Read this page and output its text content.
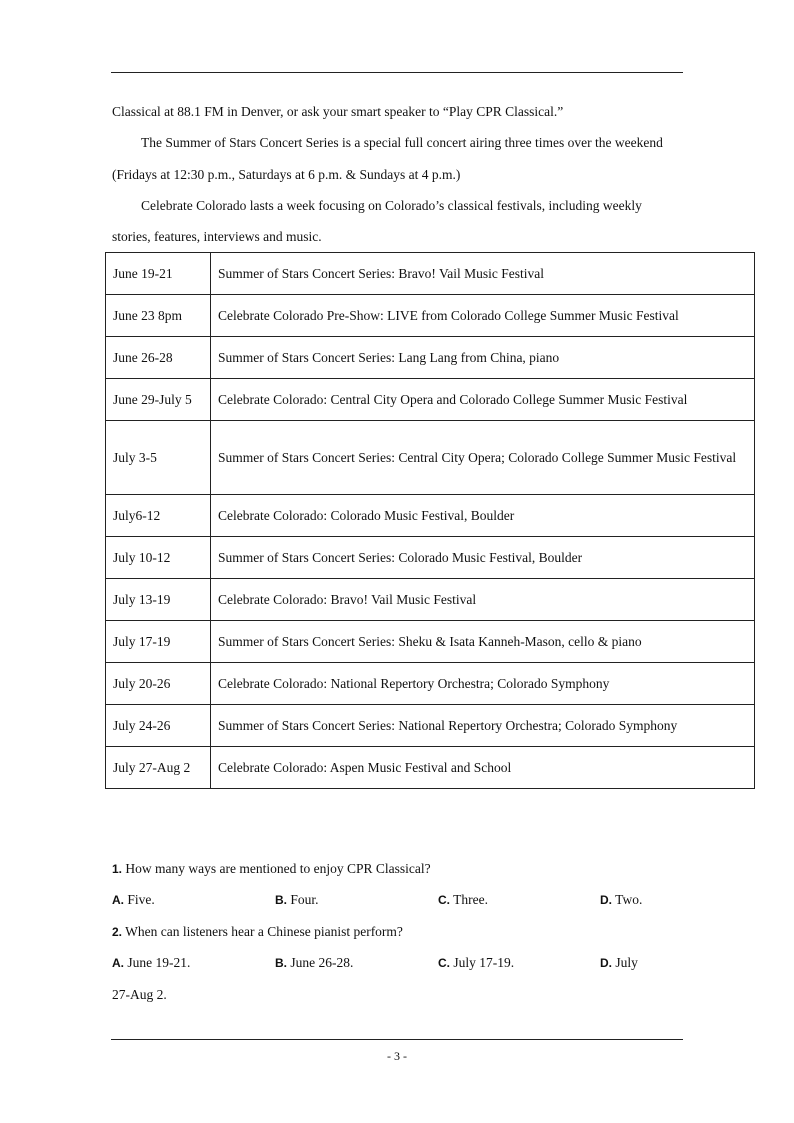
Classical at 88.1 FM in Denver, or ask your smart speaker to “Play CPR Classical.”
The Summer of Stars Concert Series is a special full concert airing three times over the weekend
(Fridays at 12:30 p.m., Saturdays at 6 p.m. & Sundays at 4 p.m.)
Celebrate Colorado lasts a week focusing on Colorado’s classical festivals, including weekly
stories, features, interviews and music.
June 19-21	Summer of Stars Concert Series: Bravo! Vail Music Festival
June 23 8pm	Celebrate Colorado Pre-Show: LIVE from Colorado College Summer Music Festival
June 26-28	Summer of Stars Concert Series: Lang Lang from China, piano
June 29-July 5	Celebrate Colorado: Central City Opera and Colorado College Summer Music Festival
July 3-5	Summer of Stars Concert Series: Central City Opera; Colorado College Summer Music Festival
July6-12	Celebrate Colorado: Colorado Music Festival, Boulder
July 10-12	Summer of Stars Concert Series: Colorado Music Festival, Boulder
July 13-19	Celebrate Colorado: Bravo! Vail Music Festival
July 17-19	Summer of Stars Concert Series: Sheku & Isata Kanneh-Mason, cello & piano
July 20-26	Celebrate Colorado: National Repertory Orchestra; Colorado Symphony
July 24-26	Summer of Stars Concert Series: National Repertory Orchestra; Colorado Symphony
July 27-Aug 2	Celebrate Colorado: Aspen Music Festival and School
1. How many ways are mentioned to enjoy CPR Classical?
A. Five.	B. Four.	C. Three.	D. Two.
2. When can listeners hear a Chinese pianist perform?
A. June 19-21.	B. June 26-28.	C. July 17-19.	D. July
27-Aug 2.
- 3 -
